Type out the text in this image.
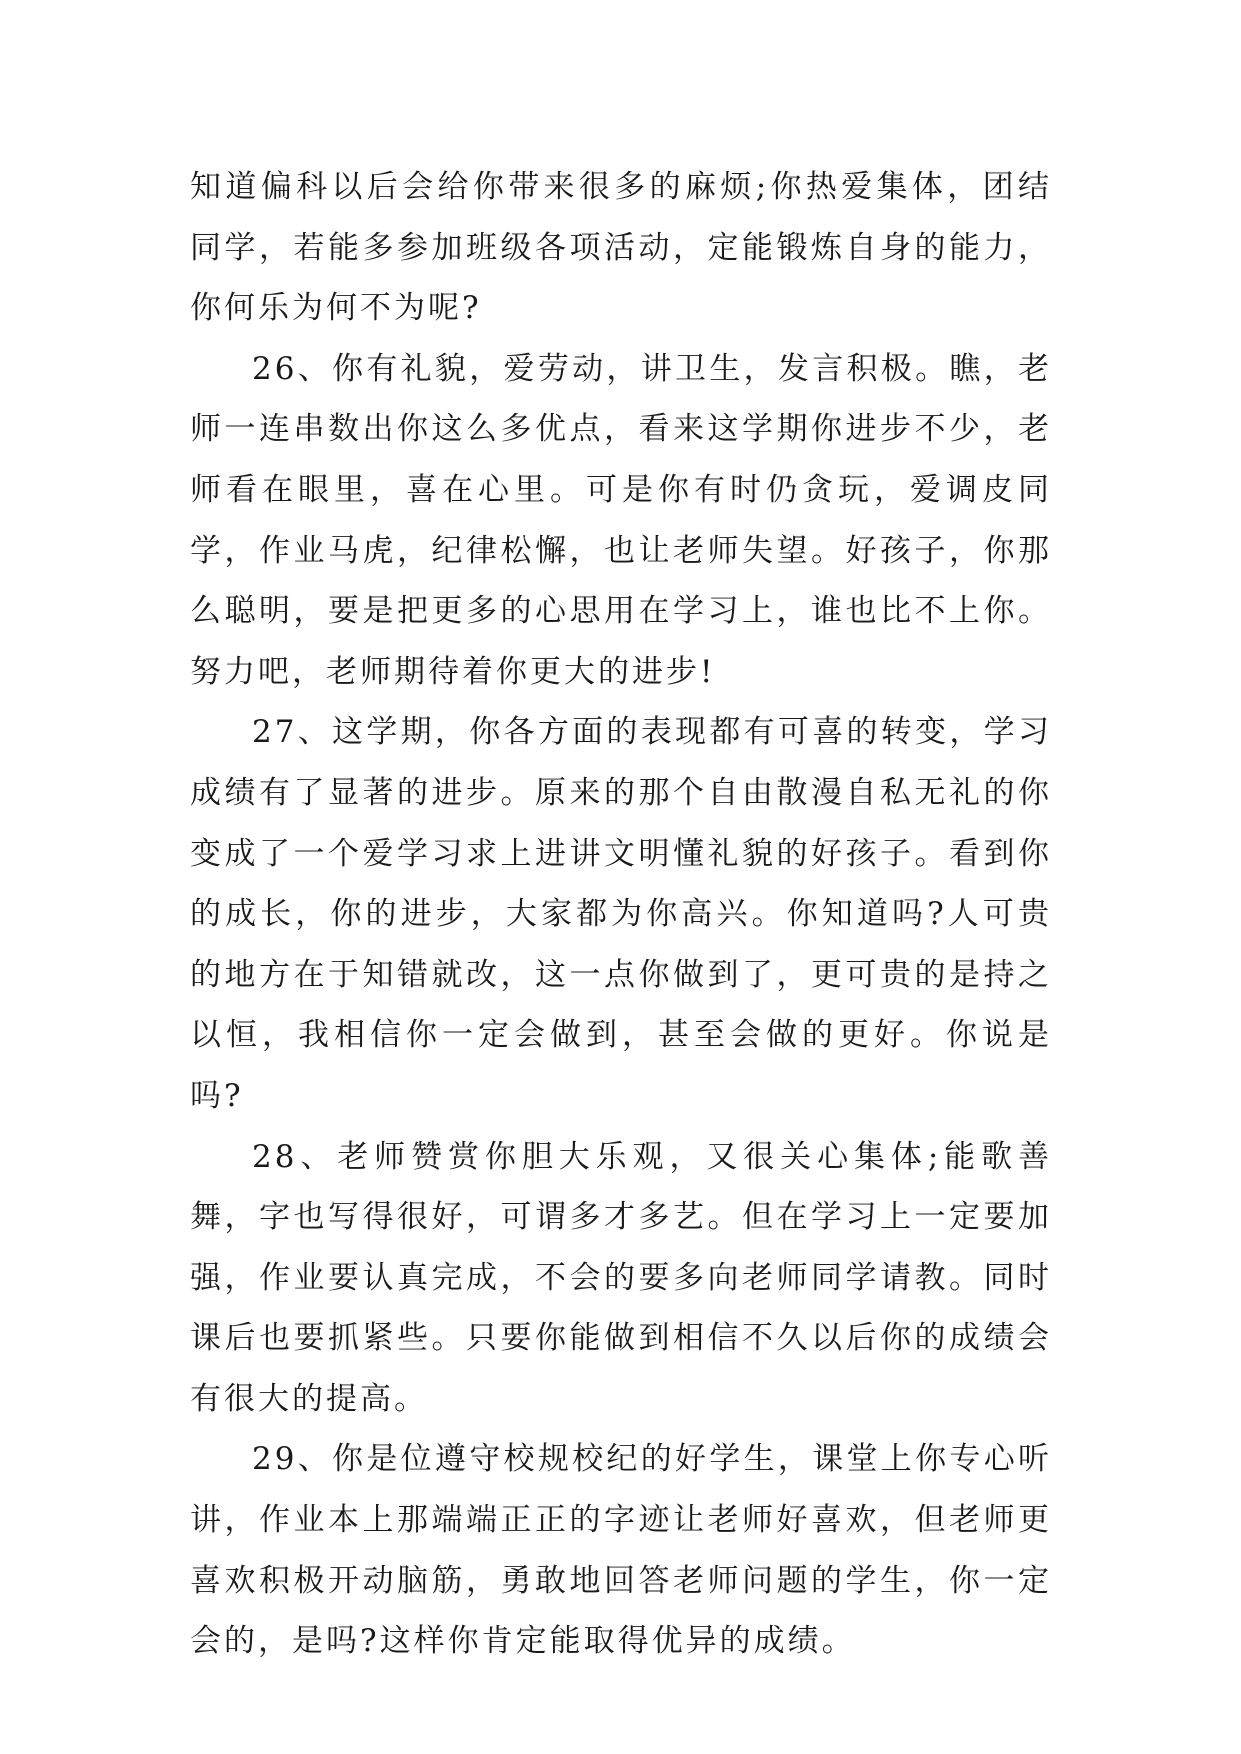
知道偏科以后会给你带来很多的麻烦;你热爱集体，团结同学，若能多参加班级各项活动，定能锻炼自身的能力，你何乐为何不为呢?

26、你有礼貌，爱劳动，讲卫生，发言积极。瞧，老师一连串数出你这么多优点，看来这学期你进步不少，老师看在眼里，喜在心里。可是你有时仍贪玩，爱调皮同学，作业马虎，纪律松懈，也让老师失望。好孩子，你那么聪明，要是把更多的心思用在学习上，谁也比不上你。努力吧，老师期待着你更大的进步!

27、这学期，你各方面的表现都有可喜的转变，学习成绩有了显著的进步。原来的那个自由散漫自私无礼的你变成了一个爱学习求上进讲文明懂礼貌的好孩子。看到你的成长，你的进步，大家都为你高兴。你知道吗?人可贵的地方在于知错就改，这一点你做到了，更可贵的是持之以恒，我相信你一定会做到，甚至会做的更好。你说是吗?

28、老师赞赏你胆大乐观，又很关心集体;能歌善舞，字也写得很好，可谓多才多艺。但在学习上一定要加强，作业要认真完成，不会的要多向老师同学请教。同时课后也要抓紧些。只要你能做到相信不久以后你的成绩会有很大的提高。

29、你是位遵守校规校纪的好学生，课堂上你专心听讲，作业本上那端端正正的字迹让老师好喜欢，但老师更喜欢积极开动脑筋，勇敢地回答老师问题的学生，你一定会的，是吗?这样你肯定能取得优异的成绩。
